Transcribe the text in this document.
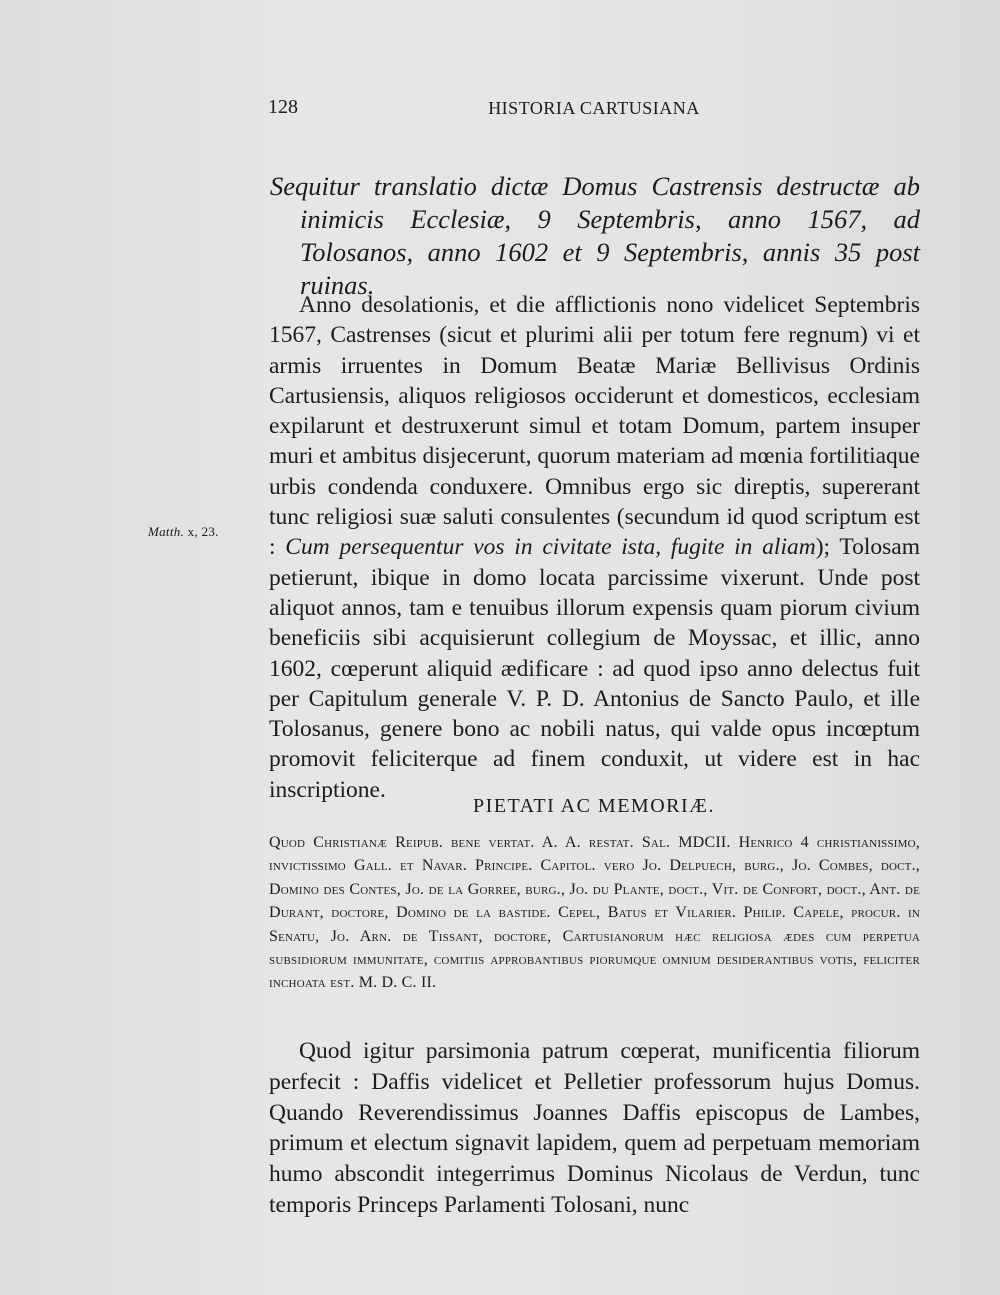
128	HISTORIA CARTUSIANA
Sequitur translatio dictæ Domus Castrensis destructæ ab inimicis Ecclesiæ, 9 Septembris, anno 1567, ad Tolosanos, anno 1602 et 9 Septembris, annis 35 post ruinas.

Anno desolationis, et die afflictionis nono videlicet Septembris 1567, Castrenses (sicut et plurimi alii per totum fere regnum) vi et armis irruentes in Domum Beatæ Mariæ Bellivisus Ordinis Cartusiensis, aliquos religiosos occiderunt et domesticos, ecclesiam expilarunt et destruxerunt simul et totam Domum, partem insuper muri et ambitus disjecerunt, quorum materiam ad mœnia fortilitiaque urbis condenda conduxere. Omnibus ergo sic direptis, supererant tunc religiosi suæ saluti consulentes (secundum id quod scriptum est : Cum persequentur vos in civitate ista, fugite in aliam); Tolosam petierunt, ibique in domo locata parcissime vixerunt. Unde post aliquot annos, tam e tenuibus illorum expensis quam piorum civium beneficiis sibi acquisierunt collegium de Moyssac, et illic, anno 1602, cœperunt aliquid ædificare : ad quod ipso anno delectus fuit per Capitulum generale V. P. D. Antonius de Sancto Paulo, et ille Tolosanus, genere bono ac nobili natus, qui valde opus incœptum promovit feliciterque ad finem conduxit, ut videre est in hac inscriptione.

Matth. x, 23.
PIETATI AC MEMORIÆ.

Quod Christianæ Reipub. bene vertat. A. A. restat. Sal. MDCII. Henrico 4 christianissimo, invictissimo Gall. et Navar. Principe. Capitol. vero Jo. Delpuech, burg., Jo. Combes, doct., Domino des Contes, Jo. de la Gorree, burg., Jo. du Plante, doct., Vit. de Confort, doct., Ant. de Durant, doctore, Domino de la bastide. Cepel, Batus et Vilarier. Philip. Capele, procur. in Senatu, Jo. Arn. de Tissant, doctore, Cartusianorum hæc religiosa ædes cum perpetua subsidiorum immunitate, comitiis approbantibus piorumque omnium desiderantibus votis, feliciter inchoata est. M. D. C. II.

Quod igitur parsimonia patrum cœperat, munificentia filiorum perfecit : Daffis videlicet et Pelletier professorum hujus Domus. Quando Reverendissimus Joannes Daffis episcopus de Lambes, primum et electum signavit lapidem, quem ad perpetuam memoriam humo abscondit integerrimus Dominus Nicolaus de Verdun, tunc temporis Princeps Parlamenti Tolosani, nunc
